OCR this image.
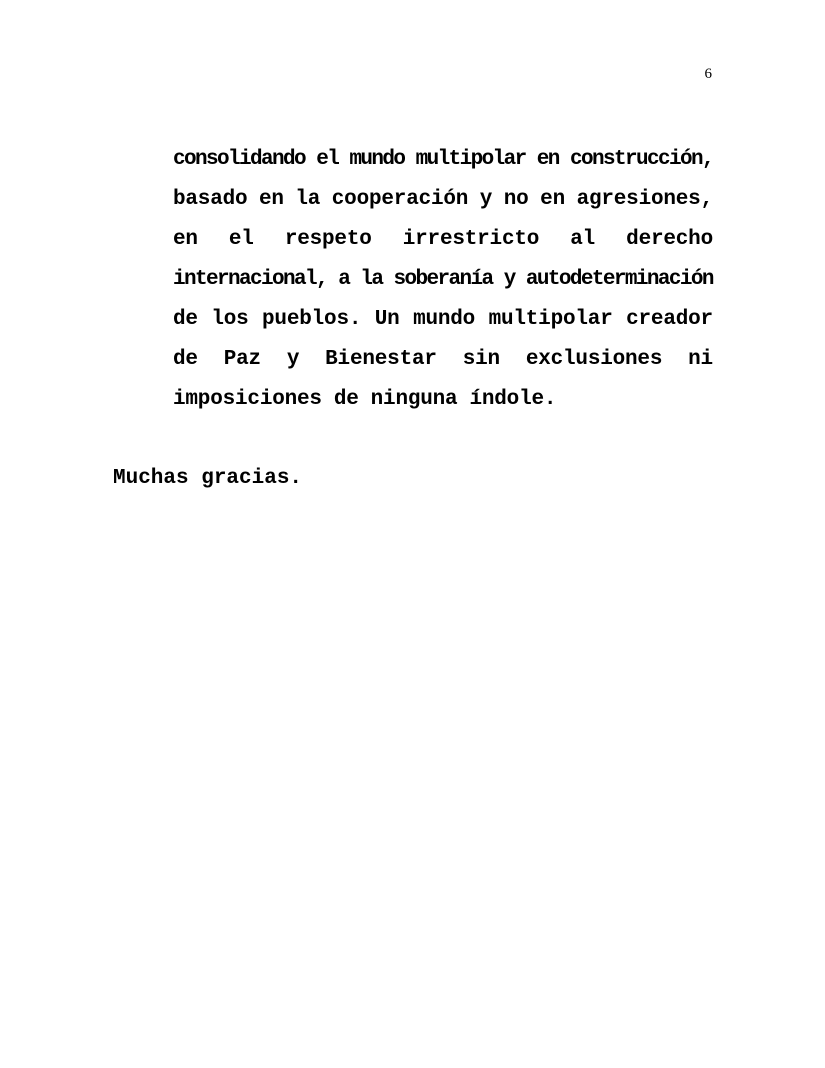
6
consolidando el mundo multipolar en construcción,
basado en la cooperación y no en agresiones,
en el respeto irrestricto al derecho
internacional, a la soberanía y autodeterminación
de los pueblos. Un mundo multipolar creador
de Paz y Bienestar sin exclusiones ni
imposiciones de ninguna índole.
Muchas gracias.
